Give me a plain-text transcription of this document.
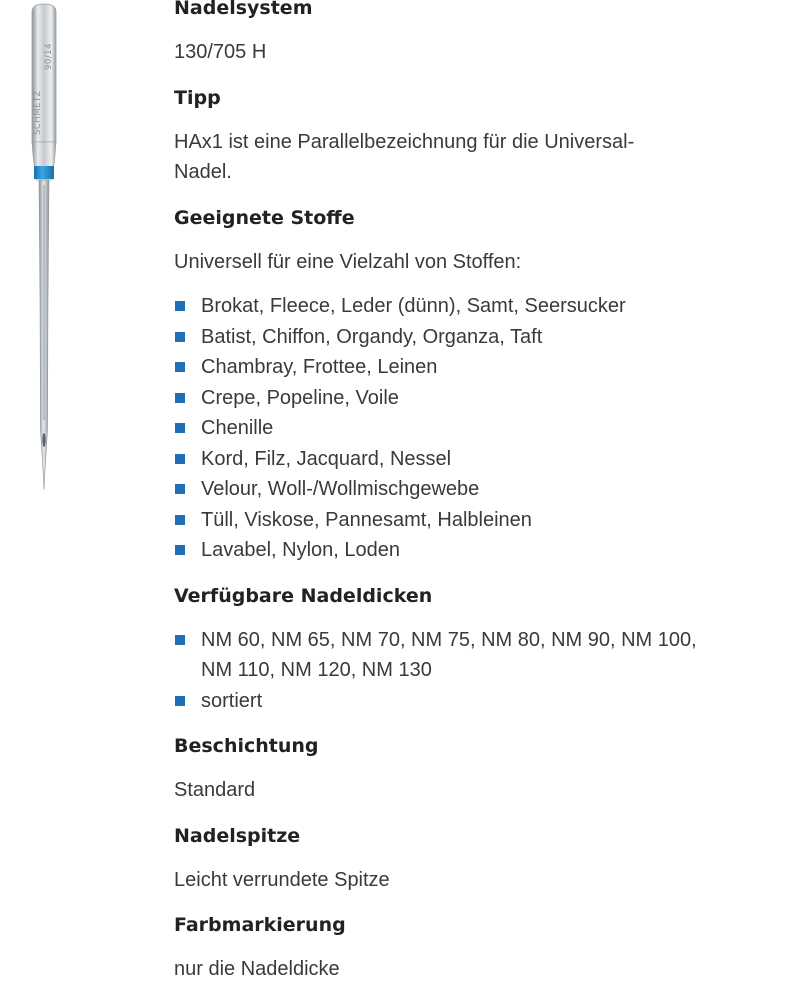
SCHMETZ
90/14
Nadelsystem
130/705 H
Tipp
HAx1 ist eine Parallelbezeichnung für die Universal-Nadel.
Geeignete Stoffe
Universell für eine Vielzahl von Stoffen:
Brokat, Fleece, Leder (dünn), Samt, Seersucker
Batist, Chiffon, Organdy, Organza, Taft
Chambray, Frottee, Leinen
Crepe, Popeline, Voile
Chenille
Kord, Filz, Jacquard, Nessel
Velour, Woll-/Wollmischgewebe
Tüll, Viskose, Pannesamt, Halbleinen
Lavabel, Nylon, Loden
Verfügbare Nadeldicken
NM 60, NM 65, NM 70, NM 75, NM 80, NM 90, NM 100, NM 110, NM 120, NM 130
sortiert
Beschichtung
Standard
Nadelspitze
Leicht verrundete Spitze
Farbmarkierung
nur die Nadeldicke
